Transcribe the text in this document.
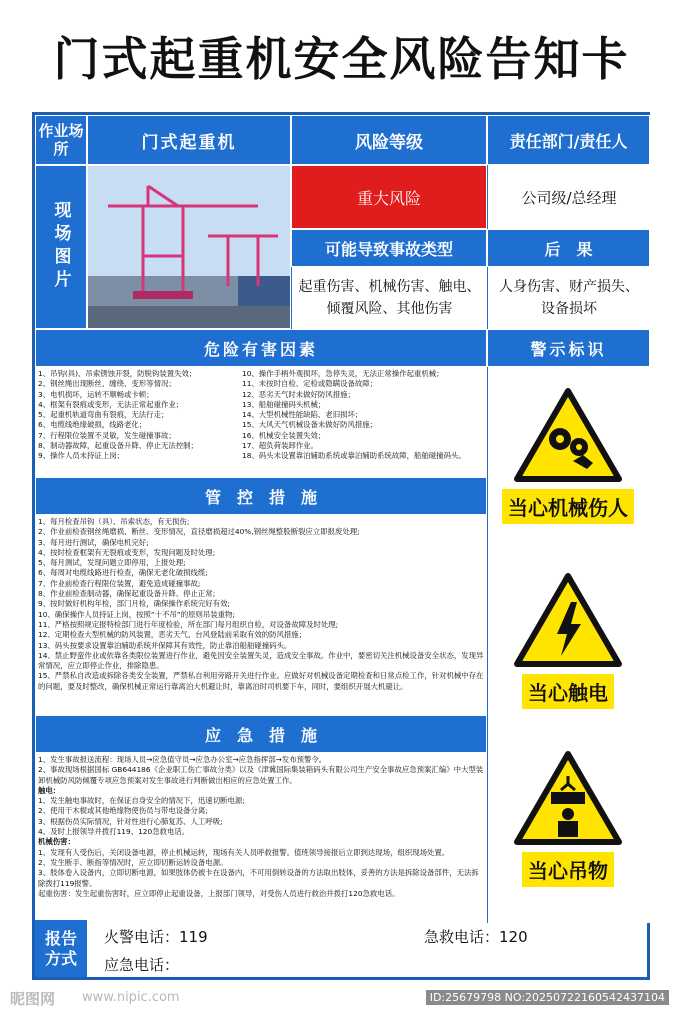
门式起重机安全风险告知卡
作业场所	门式起重机	风险等级	责任部门/责任人
现场图片
重大风险	公司级/总经理
可能导致事故类型	后　果
起重伤害、机械伤害、触电、倾覆风险、其他伤害
人身伤害、财产损失、设备损坏
危险有害因素	警示标识

1、吊钩(具)、吊索锈蚀开裂，防脱钩装置失效；

2、钢丝绳出现断丝、缠绕、变形等情况；

3、电机损坏，运转不顺畅或卡顿；

4、框架有裂痕或变形，无法正常起重作业；

5、起重机轨道弯曲有裂痕，无法行走；

6、电缆线绝缘破损，线路老化；

7、行程限位装置不灵敏，发生碰撞事故；

8、制动器故障，起重设备升降、停止无法控制；

9、操作人员未持证上岗；

10、操作手柄外观损坏，急停失灵，无法正常操作起重机械；

11、未按时自检、定检或隐瞒设备故障；

12、恶劣天气时未做好防风措施；

13、船舶碰撞码头机械；

14、大型机械性能缺陷、老旧损坏；

15、大风天气机械设备未做好防风措施；

16、机械安全装置失效；

17、超负荷装卸作业。

18、码头未设置靠泊辅助系统或靠泊辅助系统故障，船舶碰撞码头。

管　控　措　施

1、每月检查吊钩（具）、吊索状态，有无损伤;

2、作业前检查钢丝绳磨损、断丝、变形情况，直径磨损超过40%,钢丝绳整股断裂应立即报废处理;

3、每月进行测试，确保电机完好;

4、按时检查框架有无裂痕或变形，发现问题及时处理;

5、每月测试，发现问题立即停用，上报处理;

6、每周对电缆线路进行检查，确保无老化破损线缆;

7、作业前检查行程限位装置，避免造成碰撞事故;

8、作业前检查制动器，确保起重设备升降、停止正常;

9、按时做好机构年检，部门月检，确保操作系统完好有效;

10、确保操作人员持证上岗，按照“十不吊”的原则吊装重物;

11、严格按照规定报特检部门进行年度检验，所在部门每月组织自检，对设备故障及时处理;

12、定期检查大型机械的防风装置，恶劣天气、台风登陆前采取有效的防风措施；

13、码头按要求设置靠泊辅助系统并保障其有效性，防止靠泊船舶碰撞码头。

14、禁止野蛮作业或依靠各类限位装置进行作业，避免因安全装置失灵，造成安全事故。作业中，要密切关注机械设备安全状态，发现异常情况，应立即停止作业，排除隐患。

15、严禁私自改造或拆除各类安全装置，严禁私自利用旁路开关进行作业。应做好对机械设备定期检查和日常点检工作，针对机械中存在的问题，要及时整改，确保机械正常运行靠离泊大机避让时，靠离泊时司机要下车，同时，要组织开展大机避让。

应　急　措　施

1、发生事故报送流程：现场人员→应急值守员→应急办公室→应急指挥部→发布预警令。

2、事故现场根据国标 GB644186《企业职工伤亡事故分类》以及《津冀国际集装箱码头有限公司生产安全事故应急预案汇编》中大型装卸机械防风防倾覆专项应急预案对发生事故进行判断做出相应的应急处置工作。

触电：

1、发生触电事故时，在保证自身安全的情况下，迅速切断电源;

2、使用干木棍或其他绝缘物使伤员与带电设备分离;

3、根据伤员实际情况，针对性进行心肺复苏、人工呼吸;

4、及时上报领导并拨打119、120急救电话。

机械伤害：

1、发现有人受伤后，关闭设备电源，停止机械运转，现场有关人员呼救报警。值班领导接报后立即到达现场，组织现场处置。

2、发生断手、断指等情况时，应立即切断运转设备电源。

3、肢体卷入设备内，立即切断电源，如果肢体仍被卡在设备内，不可用倒转设备的方法取出肢体，妥善的方法是拆除设备部件，无法拆除拨打119报警。

起重伤害：发生起重伤害时，应立即停止起重设备，上报部门领导，对受伤人员进行救治并拨打120急救电话。

当心机械伤人
当心触电
当心吊物
报告方式
火警电话：119	急救电话：120
应急电话：
昵图网 www.nipic.com	ID:25679798 NO:20250722160542437104
